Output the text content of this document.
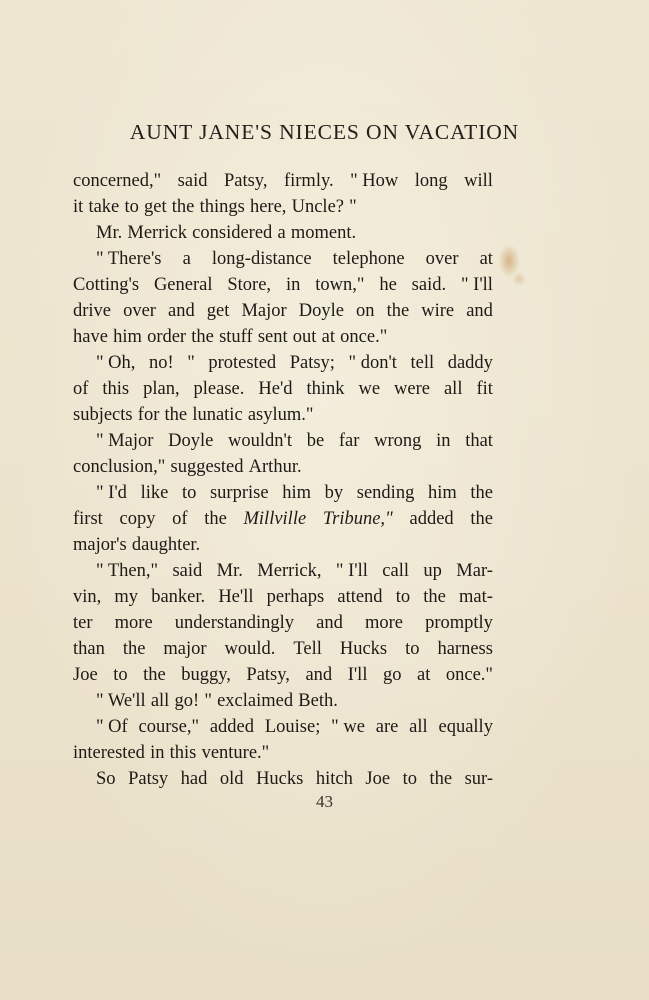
AUNT JANE'S NIECES ON VACATION
concerned," said Patsy, firmly. " How long will
it take to get the things here, Uncle? "
Mr. Merrick considered a moment.
" There's a long-distance telephone over at
Cotting's General Store, in town," he said. " I'll
drive over and get Major Doyle on the wire and
have him order the stuff sent out at once."
" Oh, no! " protested Patsy; " don't tell daddy
of this plan, please. He'd think we were all fit
subjects for the lunatic asylum."
" Major Doyle wouldn't be far wrong in that
conclusion," suggested Arthur.
" I'd like to surprise him by sending him the
first copy of the Millville Tribune," added the
major's daughter.
" Then," said Mr. Merrick, " I'll call up Mar-
vin, my banker. He'll perhaps attend to the mat-
ter more understandingly and more promptly
than the major would. Tell Hucks to harness
Joe to the buggy, Patsy, and I'll go at once."
" We'll all go! " exclaimed Beth.
" Of course," added Louise; " we are all equally
interested in this venture."
So Patsy had old Hucks hitch Joe to the sur-
43
